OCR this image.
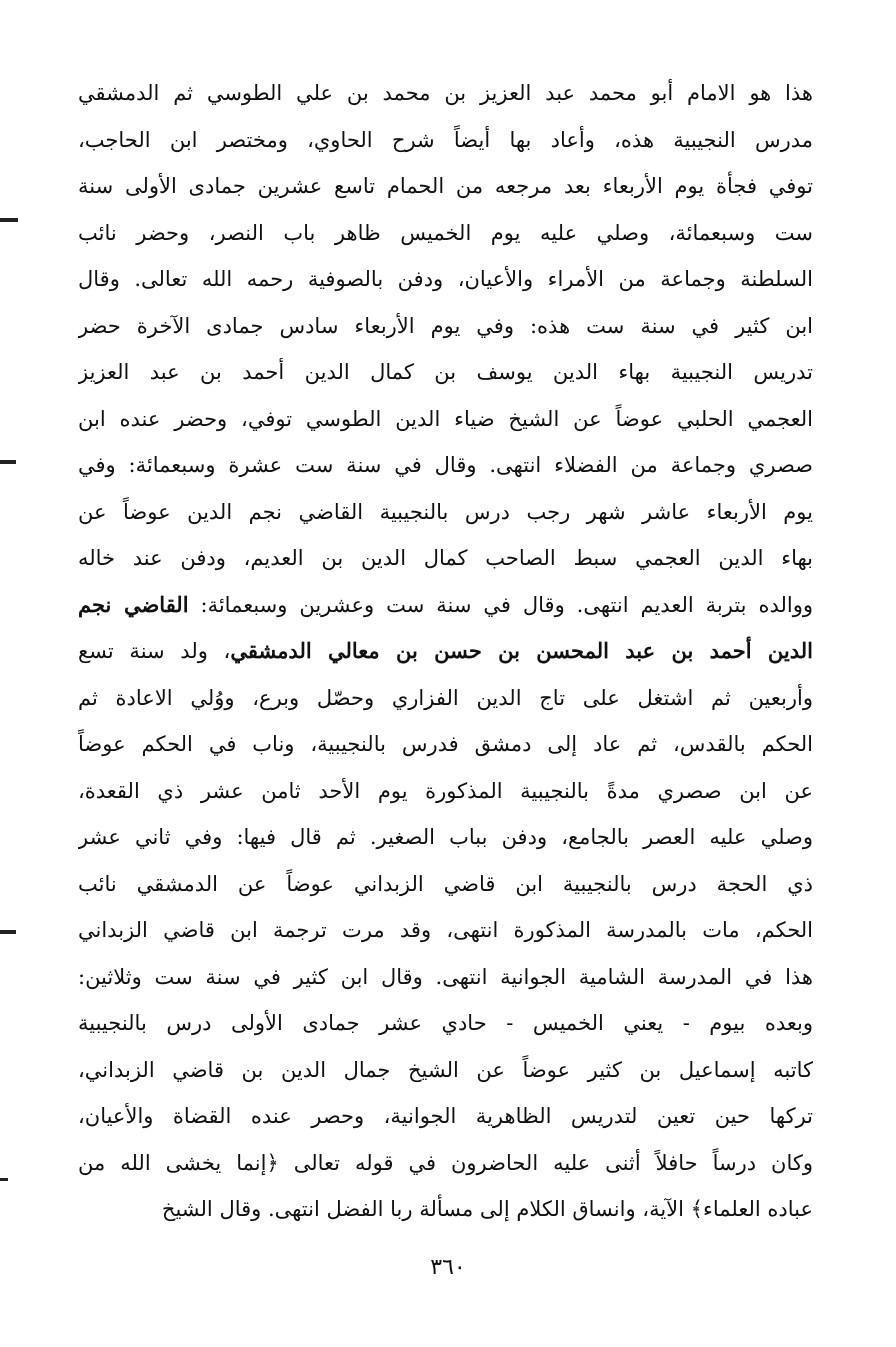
هذا هو الامام أبو محمد عبد العزيز بن محمد بن علي الطوسي ثم الدمشقي
مدرس النجيبية هذه، وأعاد بها أيضاً شرح الحاوي، ومختصر ابن الحاجب،
توفي فجأة يوم الأربعاء بعد مرجعه من الحمام تاسع عشرين جمادى الأولى سنة
ست وسبعمائة، وصلي عليه يوم الخميس ظاهر باب النصر، وحضر نائب
السلطنة وجماعة من الأمراء والأعيان، ودفن بالصوفية رحمه الله تعالى. وقال
ابن كثير في سنة ست هذه: وفي يوم الأربعاء سادس جمادى الآخرة حضر
تدريس النجيبية بهاء الدين يوسف بن كمال الدين أحمد بن عبد العزيز
العجمي الحلبي عوضاً عن الشيخ ضياء الدين الطوسي توفي، وحضر عنده ابن
صصري وجماعة من الفضلاء انتهى. وقال في سنة ست عشرة وسبعمائة: وفي
يوم الأربعاء عاشر شهر رجب درس بالنجيبية القاضي نجم الدين عوضاً عن
بهاء الدين العجمي سبط الصاحب كمال الدين بن العديم، ودفن عند خاله
ووالده بتربة العديم انتهى. وقال في سنة ست وعشرين وسبعمائة: القاضي نجم
الدين أحمد بن عبد المحسن بن حسن بن معالي الدمشقي، ولد سنة تسع
وأربعين ثم اشتغل على تاج الدين الفزاري وحصّل وبرع، ووُلي الاعادة ثم
الحكم بالقدس، ثم عاد إلى دمشق فدرس بالنجيبية، وناب في الحكم عوضاً
عن ابن صصري مدةً بالنجيبية المذكورة يوم الأحد ثامن عشر ذي القعدة،
وصلي عليه العصر بالجامع، ودفن بباب الصغير. ثم قال فيها: وفي ثاني عشر
ذي الحجة درس بالنجيبية ابن قاضي الزبداني عوضاً عن الدمشقي نائب
الحكم، مات بالمدرسة المذكورة انتهى، وقد مرت ترجمة ابن قاضي الزبداني
هذا في المدرسة الشامية الجوانية انتهى. وقال ابن كثير في سنة ست وثلاثين:
وبعده بيوم - يعني الخميس - حادي عشر جمادى الأولى درس بالنجيبية
كاتبه إسماعيل بن كثير عوضاً عن الشيخ جمال الدين بن قاضي الزبداني،
تركها حين تعين لتدريس الظاهرية الجوانية، وحصر عنده القضاة والأعيان،
وكان درساً حافلاً أثنى عليه الحاضرون في قوله تعالى ﴿إنما يخشى الله من
عباده العلماء﴾ الآية، وانساق الكلام إلى مسألة ربا الفضل انتهى. وقال الشيخ
٣٦٠
